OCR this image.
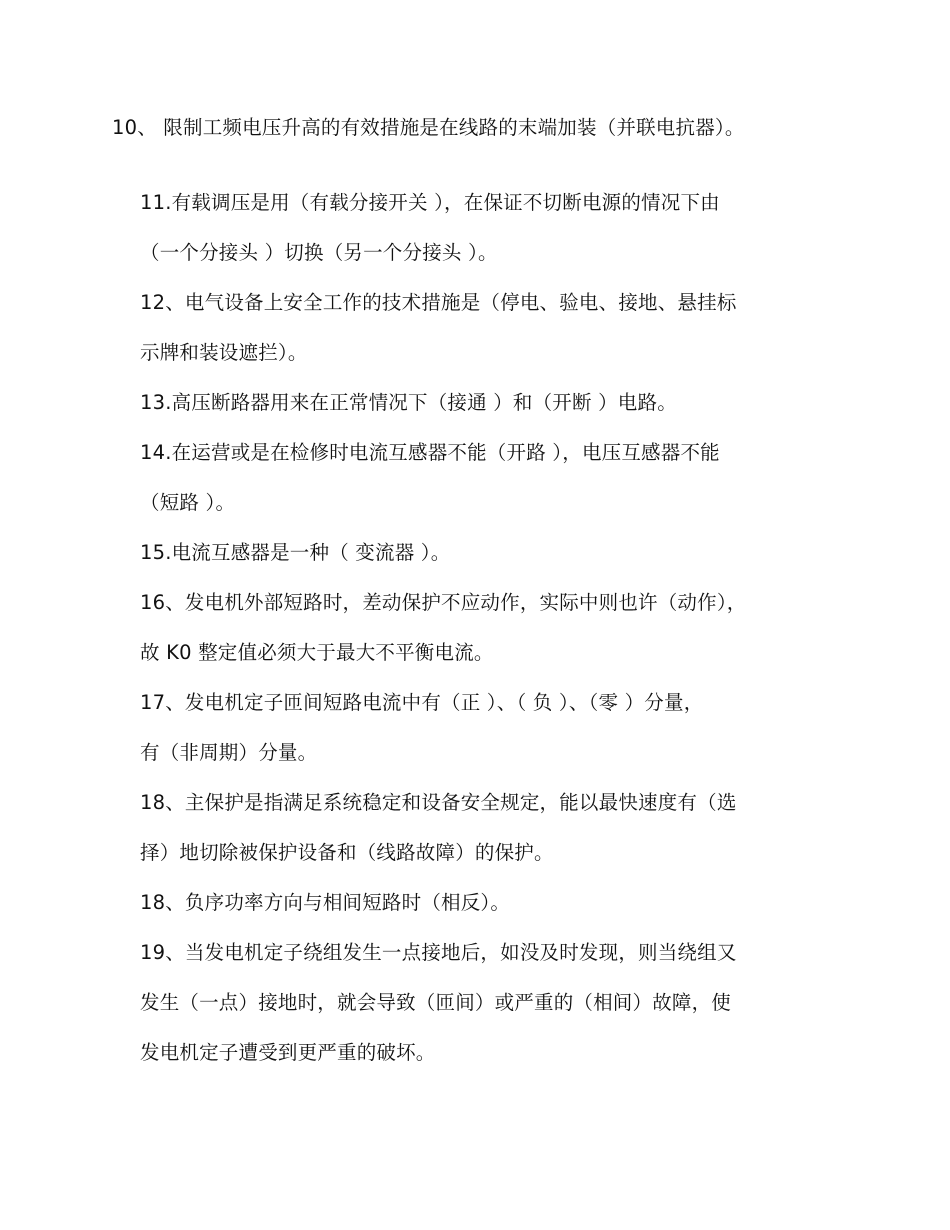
10、 限制工频电压升高的有效措施是在线路的末端加装（并联电抗器）。
11.有载调压是用（有载分接开关 ），在保证不切断电源的情况下由
（一个分接头 ）切换（另一个分接头 ）。
12、电气设备上安全工作的技术措施是（停电、验电、接地、悬挂标
示牌和装设遮拦）。
13.高压断路器用来在正常情况下（接通 ）和（开断 ）电路。
14.在运营或是在检修时电流互感器不能（开路 ），电压互感器不能
（短路 ）。
15.电流互感器是一种（ 变流器 ）。
16、发电机外部短路时，差动保护不应动作，实际中则也许（动作），
故 K0 整定值必须大于最大不平衡电流。
17、发电机定子匝间短路电流中有（正 ）、（ 负 ）、（零 ）分量，
有（非周期）分量。
18、主保护是指满足系统稳定和设备安全规定，能以最快速度有（选
择）地切除被保护设备和（线路故障）的保护。
18、负序功率方向与相间短路时（相反）。
19、当发电机定子绕组发生一点接地后，如没及时发现，则当绕组又
发生（一点）接地时，就会导致（匝间）或严重的（相间）故障，使
发电机定子遭受到更严重的破坏。
